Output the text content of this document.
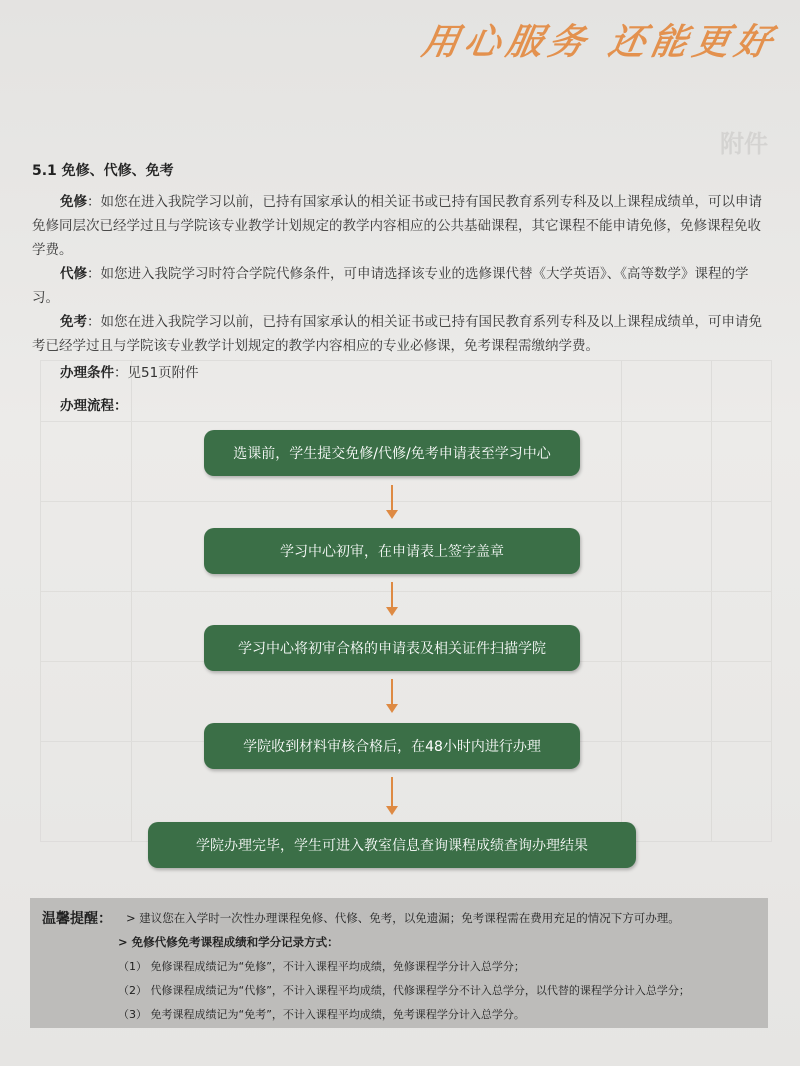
用心服务 还能更好
附件
5.1 免修、代修、免考

免修：如您在进入我院学习以前，已持有国家承认的相关证书或已持有国民教育系列专科及以上课程成绩单，可以申请免修同层次已经学过且与学院该专业教学计划规定的教学内容相应的公共基础课程，其它课程不能申请免修，免修课程免收学费。

代修：如您进入我院学习时符合学院代修条件，可申请选择该专业的选修课代替《大学英语》、《高等数学》课程的学习。

免考：如您在进入我院学习以前，已持有国家承认的相关证书或已持有国民教育系列专科及以上课程成绩单，可申请免考已经学过且与学院该专业教学计划规定的教学内容相应的专业必修课，免考课程需缴纳学费。

办理条件：见51页附件
办理流程：
选课前，学生提交免修/代修/免考申请表至学习中心
学习中心初审，在申请表上签字盖章
学习中心将初审合格的申请表及相关证件扫描学院
学院收到材料审核合格后，在48小时内进行办理
学院办理完毕，学生可进入教室信息查询课程成绩查询办理结果
温馨提醒： > 建议您在入学时一次性办理课程免修、代修、免考，以免遗漏；免考课程需在费用充足的情况下方可办理。
> 免修代修免考课程成绩和学分记录方式：
（1） 免修课程成绩记为“免修”，不计入课程平均成绩，免修课程学分计入总学分；
（2） 代修课程成绩记为“代修”，不计入课程平均成绩，代修课程学分不计入总学分，以代替的课程学分计入总学分；
（3） 免考课程成绩记为“免考”，不计入课程平均成绩，免考课程学分计入总学分。
